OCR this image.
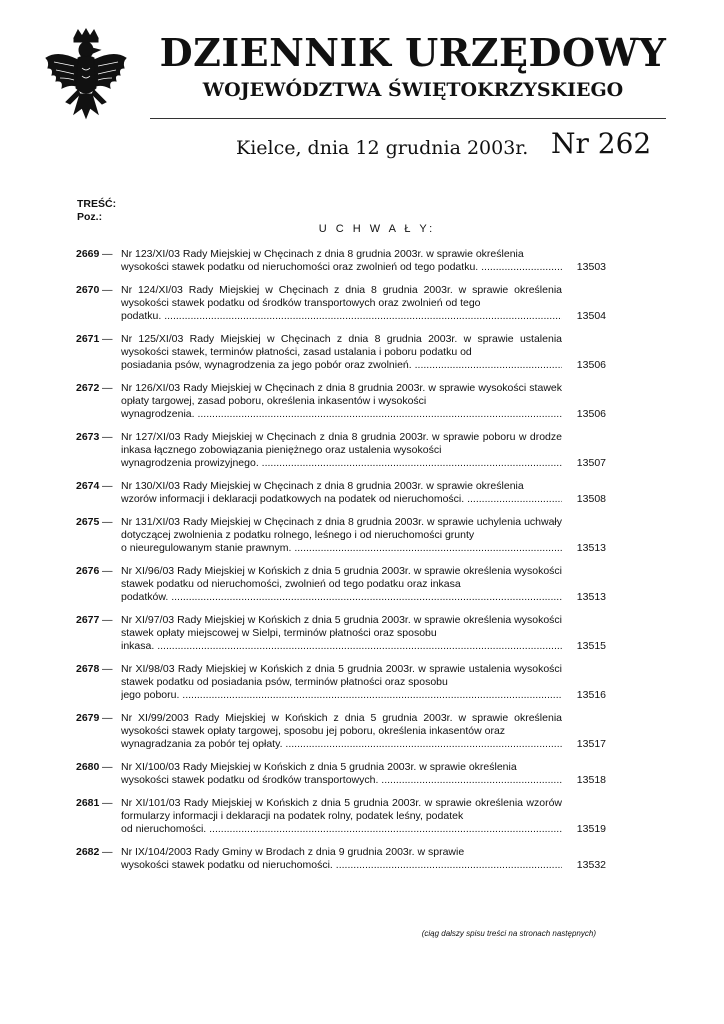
DZIENNIK URZĘDOWY
WOJEWÓDZTWA ŚWIĘTOKRZYSKIEGO
Kielce, dnia 12 grudnia 2003r. Nr 262
TREŚĆ:
Poz.:
U C H W A Ł Y:
2669 — Nr 123/XI/03 Rady Miejskiej w Chęcinach z dnia 8 grudnia 2003r. w sprawie określenia
wysokości stawek podatku od nieruchomości oraz zwolnień od tego podatku. .....	13503
2670 — Nr 124/XI/03 Rady Miejskiej w Chęcinach z dnia 8 grudnia 2003r. w sprawie określenia wysokości stawek podatku od środków transportowych oraz zwolnień od tego
podatku. .....	13504
2671 — Nr 125/XI/03 Rady Miejskiej w Chęcinach z dnia 8 grudnia 2003r. w sprawie ustalenia wysokości stawek, terminów płatności, zasad ustalania i poboru podatku od
posiadania psów, wynagrodzenia za jego pobór oraz zwolnień. .....	13506
2672 — Nr 126/XI/03 Rady Miejskiej w Chęcinach z dnia 8 grudnia 2003r. w sprawie wysokości stawek opłaty targowej, zasad poboru, określenia inkasentów i wysokości
wynagrodzenia. .....	13506
2673 — Nr 127/XI/03 Rady Miejskiej w Chęcinach z dnia 8 grudnia 2003r. w sprawie poboru w drodze inkasa łącznego zobowiązania pieniężnego oraz ustalenia wysokości
wynagrodzenia prowizyjnego. .....	13507
2674 — Nr 130/XI/03 Rady Miejskiej w Chęcinach z dnia 8 grudnia 2003r. w sprawie określenia
wzorów informacji i deklaracji podatkowych na podatek od nieruchomości. .....	13508
2675 — Nr 131/XI/03 Rady Miejskiej w Chęcinach z dnia 8 grudnia 2003r. w sprawie uchylenia uchwały dotyczącej zwolnienia z podatku rolnego, leśnego i od nieruchomości grunty
o nieuregulowanym stanie prawnym. .....	13513
2676 — Nr XI/96/03 Rady Miejskiej w Końskich z dnia 5 grudnia 2003r. w sprawie określenia wysokości stawek podatku od nieruchomości, zwolnień od tego podatku oraz inkasa
podatków. .....	13513
2677 — Nr XI/97/03 Rady Miejskiej w Końskich z dnia 5 grudnia 2003r. w sprawie określenia wysokości stawek opłaty miejscowej w Sielpi, terminów płatności oraz sposobu
inkasa. .....	13515
2678 — Nr XI/98/03 Rady Miejskiej w Końskich z dnia 5 grudnia 2003r. w sprawie ustalenia wysokości stawek podatku od posiadania psów, terminów płatności oraz sposobu
jego poboru. .....	13516
2679 — Nr XI/99/2003 Rady Miejskiej w Końskich z dnia 5 grudnia 2003r. w sprawie określenia wysokości stawek opłaty targowej, sposobu jej poboru, określenia inkasentów oraz
wynagradzania za pobór tej opłaty. .....	13517
2680 — Nr XI/100/03 Rady Miejskiej w Końskich z dnia 5 grudnia 2003r. w sprawie określenia
wysokości stawek podatku od środków transportowych. .....	13518
2681 — Nr XI/101/03 Rady Miejskiej w Końskich z dnia 5 grudnia 2003r. w sprawie określenia wzorów formularzy informacji i deklaracji na podatek rolny, podatek leśny, podatek
od nieruchomości. .....	13519
2682 — Nr IX/104/2003 Rady Gminy w Brodach z dnia 9 grudnia 2003r. w sprawie
wysokości stawek podatku od nieruchomości. .....	13532
(ciąg dalszy spisu treści na stronach następnych)
